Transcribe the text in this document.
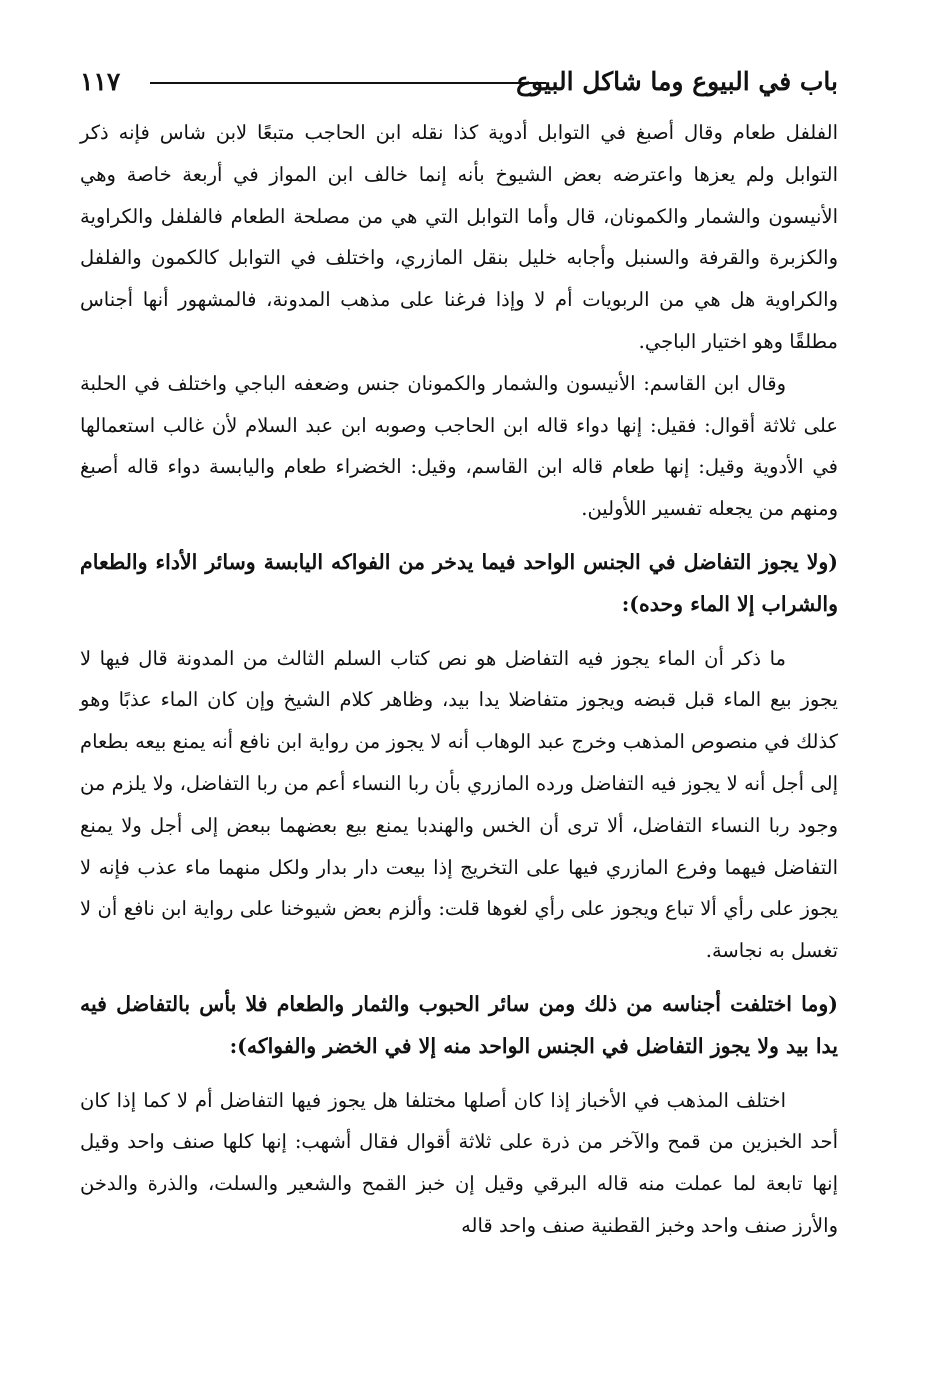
باب في البيوع وما شاكل البيوع
١١٧

الفلفل طعام وقال أصبغ في التوابل أدوية كذا نقله ابن الحاجب متبعًا لابن شاس فإنه ذكر التوابل ولم يعزها واعترضه بعض الشيوخ بأنه إنما خالف ابن المواز في أربعة خاصة وهي الأنيسون والشمار والكمونان، قال وأما التوابل التي هي من مصلحة الطعام فالفلفل والكراوية والكزبرة والقرفة والسنبل وأجابه خليل بنقل المازري، واختلف في التوابل كالكمون والفلفل والكراوية هل هي من الربويات أم لا وإذا فرغنا على مذهب المدونة، فالمشهور أنها أجناس مطلقًا وهو اختيار الباجي.

وقال ابن القاسم: الأنيسون والشمار والكمونان جنس وضعفه الباجي واختلف في الحلبة على ثلاثة أقوال: فقيل: إنها دواء قاله ابن الحاجب وصوبه ابن عبد السلام لأن غالب استعمالها في الأدوية وقيل: إنها طعام قاله ابن القاسم، وقيل: الخضراء طعام واليابسة دواء قاله أصبغ ومنهم من يجعله تفسير اللأولين.

(ولا يجوز التفاضل في الجنس الواحد فيما يدخر من الفواكه اليابسة وسائر الأداء والطعام والشراب إلا الماء وحده):

ما ذكر أن الماء يجوز فيه التفاضل هو نص كتاب السلم الثالث من المدونة قال فيها لا يجوز بيع الماء قبل قبضه ويجوز متفاضلا يدا بيد، وظاهر كلام الشيخ وإن كان الماء عذبًا وهو كذلك في منصوص المذهب وخرج عبد الوهاب أنه لا يجوز من رواية ابن نافع أنه يمنع بيعه بطعام إلى أجل أنه لا يجوز فيه التفاضل ورده المازري بأن ربا النساء أعم من ربا التفاضل، ولا يلزم من وجود ربا النساء التفاضل، ألا ترى أن الخس والهندبا يمنع بيع بعضهما ببعض إلى أجل ولا يمنع التفاضل فيهما وفرع المازري فيها على التخريج إذا بيعت دار بدار ولكل منهما ماء عذب فإنه لا يجوز على رأي ألا تباع ويجوز على رأي لغوها قلت: وألزم بعض شيوخنا على رواية ابن نافع أن لا تغسل به نجاسة.

(وما اختلفت أجناسه من ذلك ومن سائر الحبوب والثمار والطعام فلا بأس بالتفاضل فيه يدا بيد ولا يجوز التفاضل في الجنس الواحد منه إلا في الخضر والفواكه):

اختلف المذهب في الأخباز إذا كان أصلها مختلفا هل يجوز فيها التفاضل أم لا كما إذا كان أحد الخبزين من قمح والآخر من ذرة على ثلاثة أقوال فقال أشهب: إنها كلها صنف واحد وقيل إنها تابعة لما عملت منه قاله البرقي وقيل إن خبز القمح والشعير والسلت، والذرة والدخن والأرز صنف واحد وخبز القطنية صنف واحد قاله
